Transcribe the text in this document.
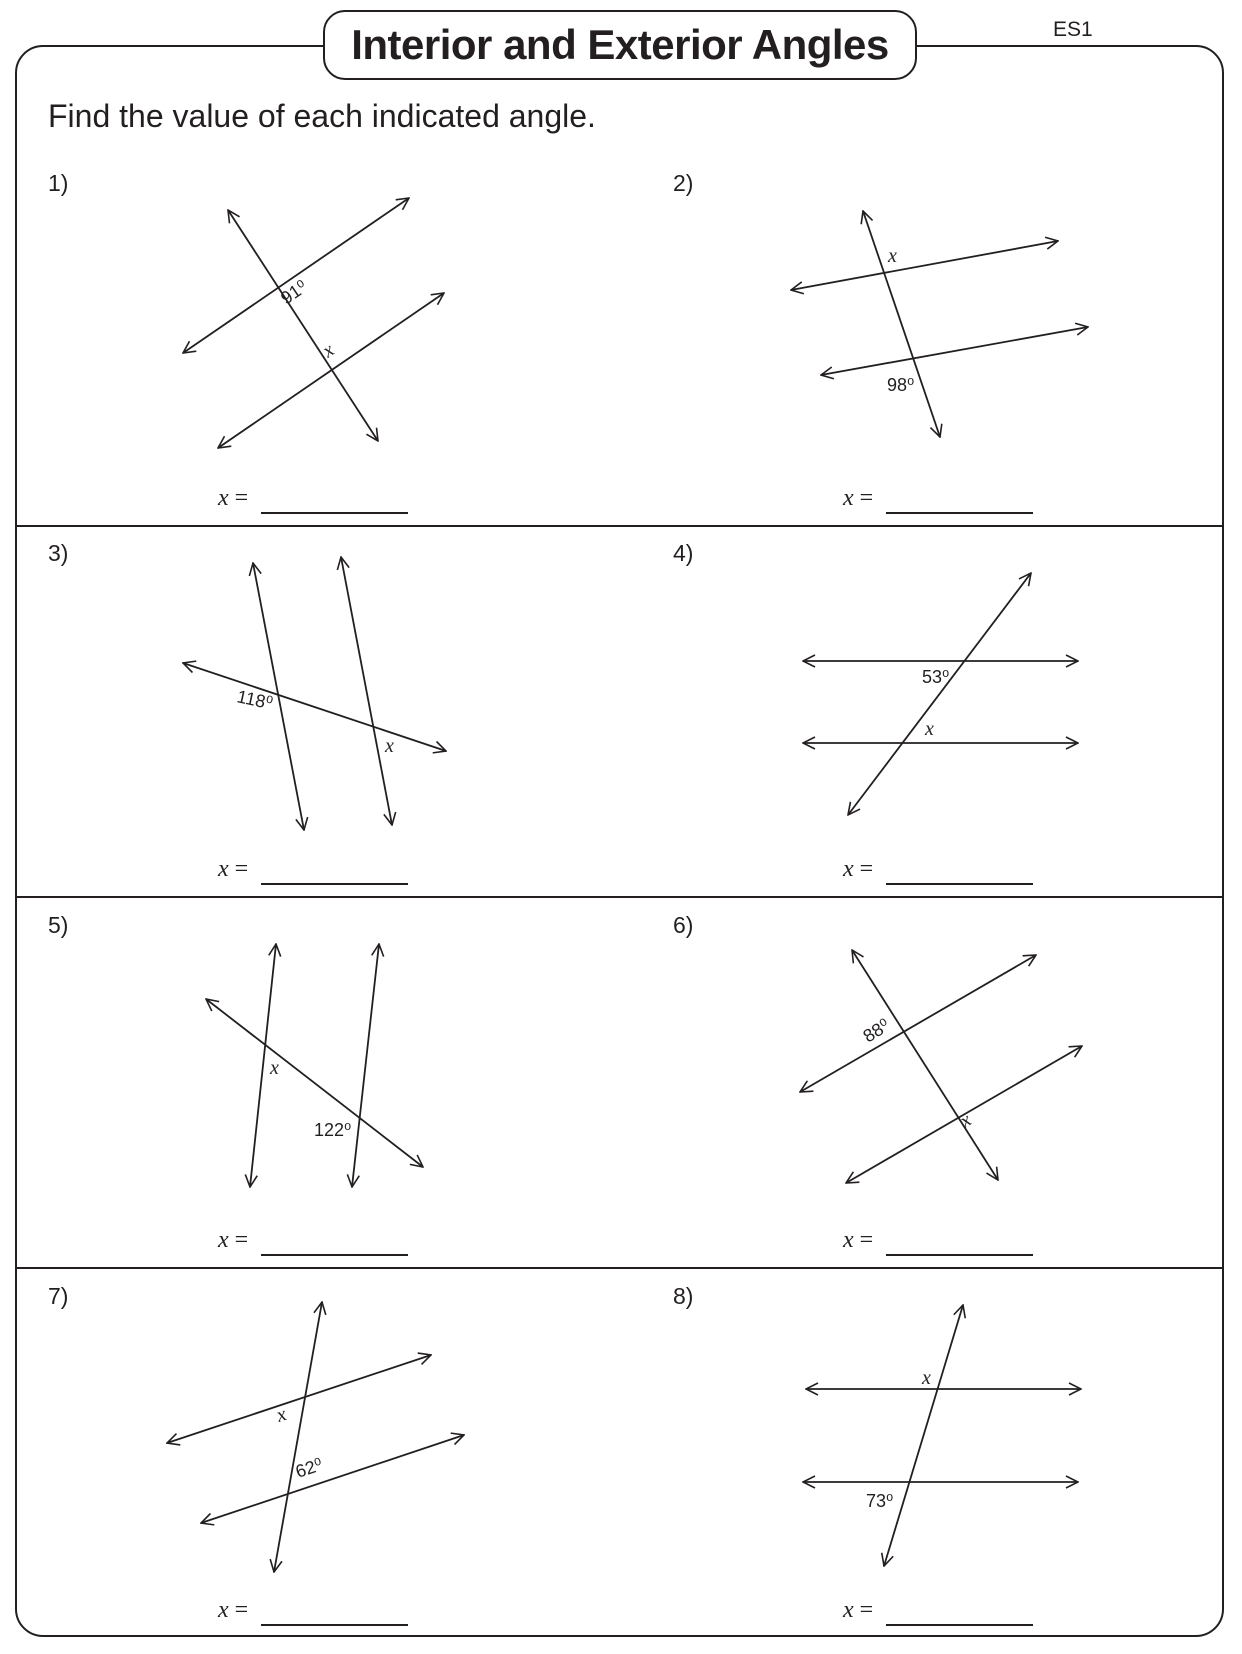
Interior and Exterior Angles	ES1
Find the value of each indicated angle.
1)	2)
3)	4)
5)	6)
7)	8)
x =	x =
x =	x =
x =	x =
x =	x =
91⁰
x
x
98⁰
118⁰
x
53⁰
x
x
122⁰
88⁰
x
x
62⁰
x
73⁰
